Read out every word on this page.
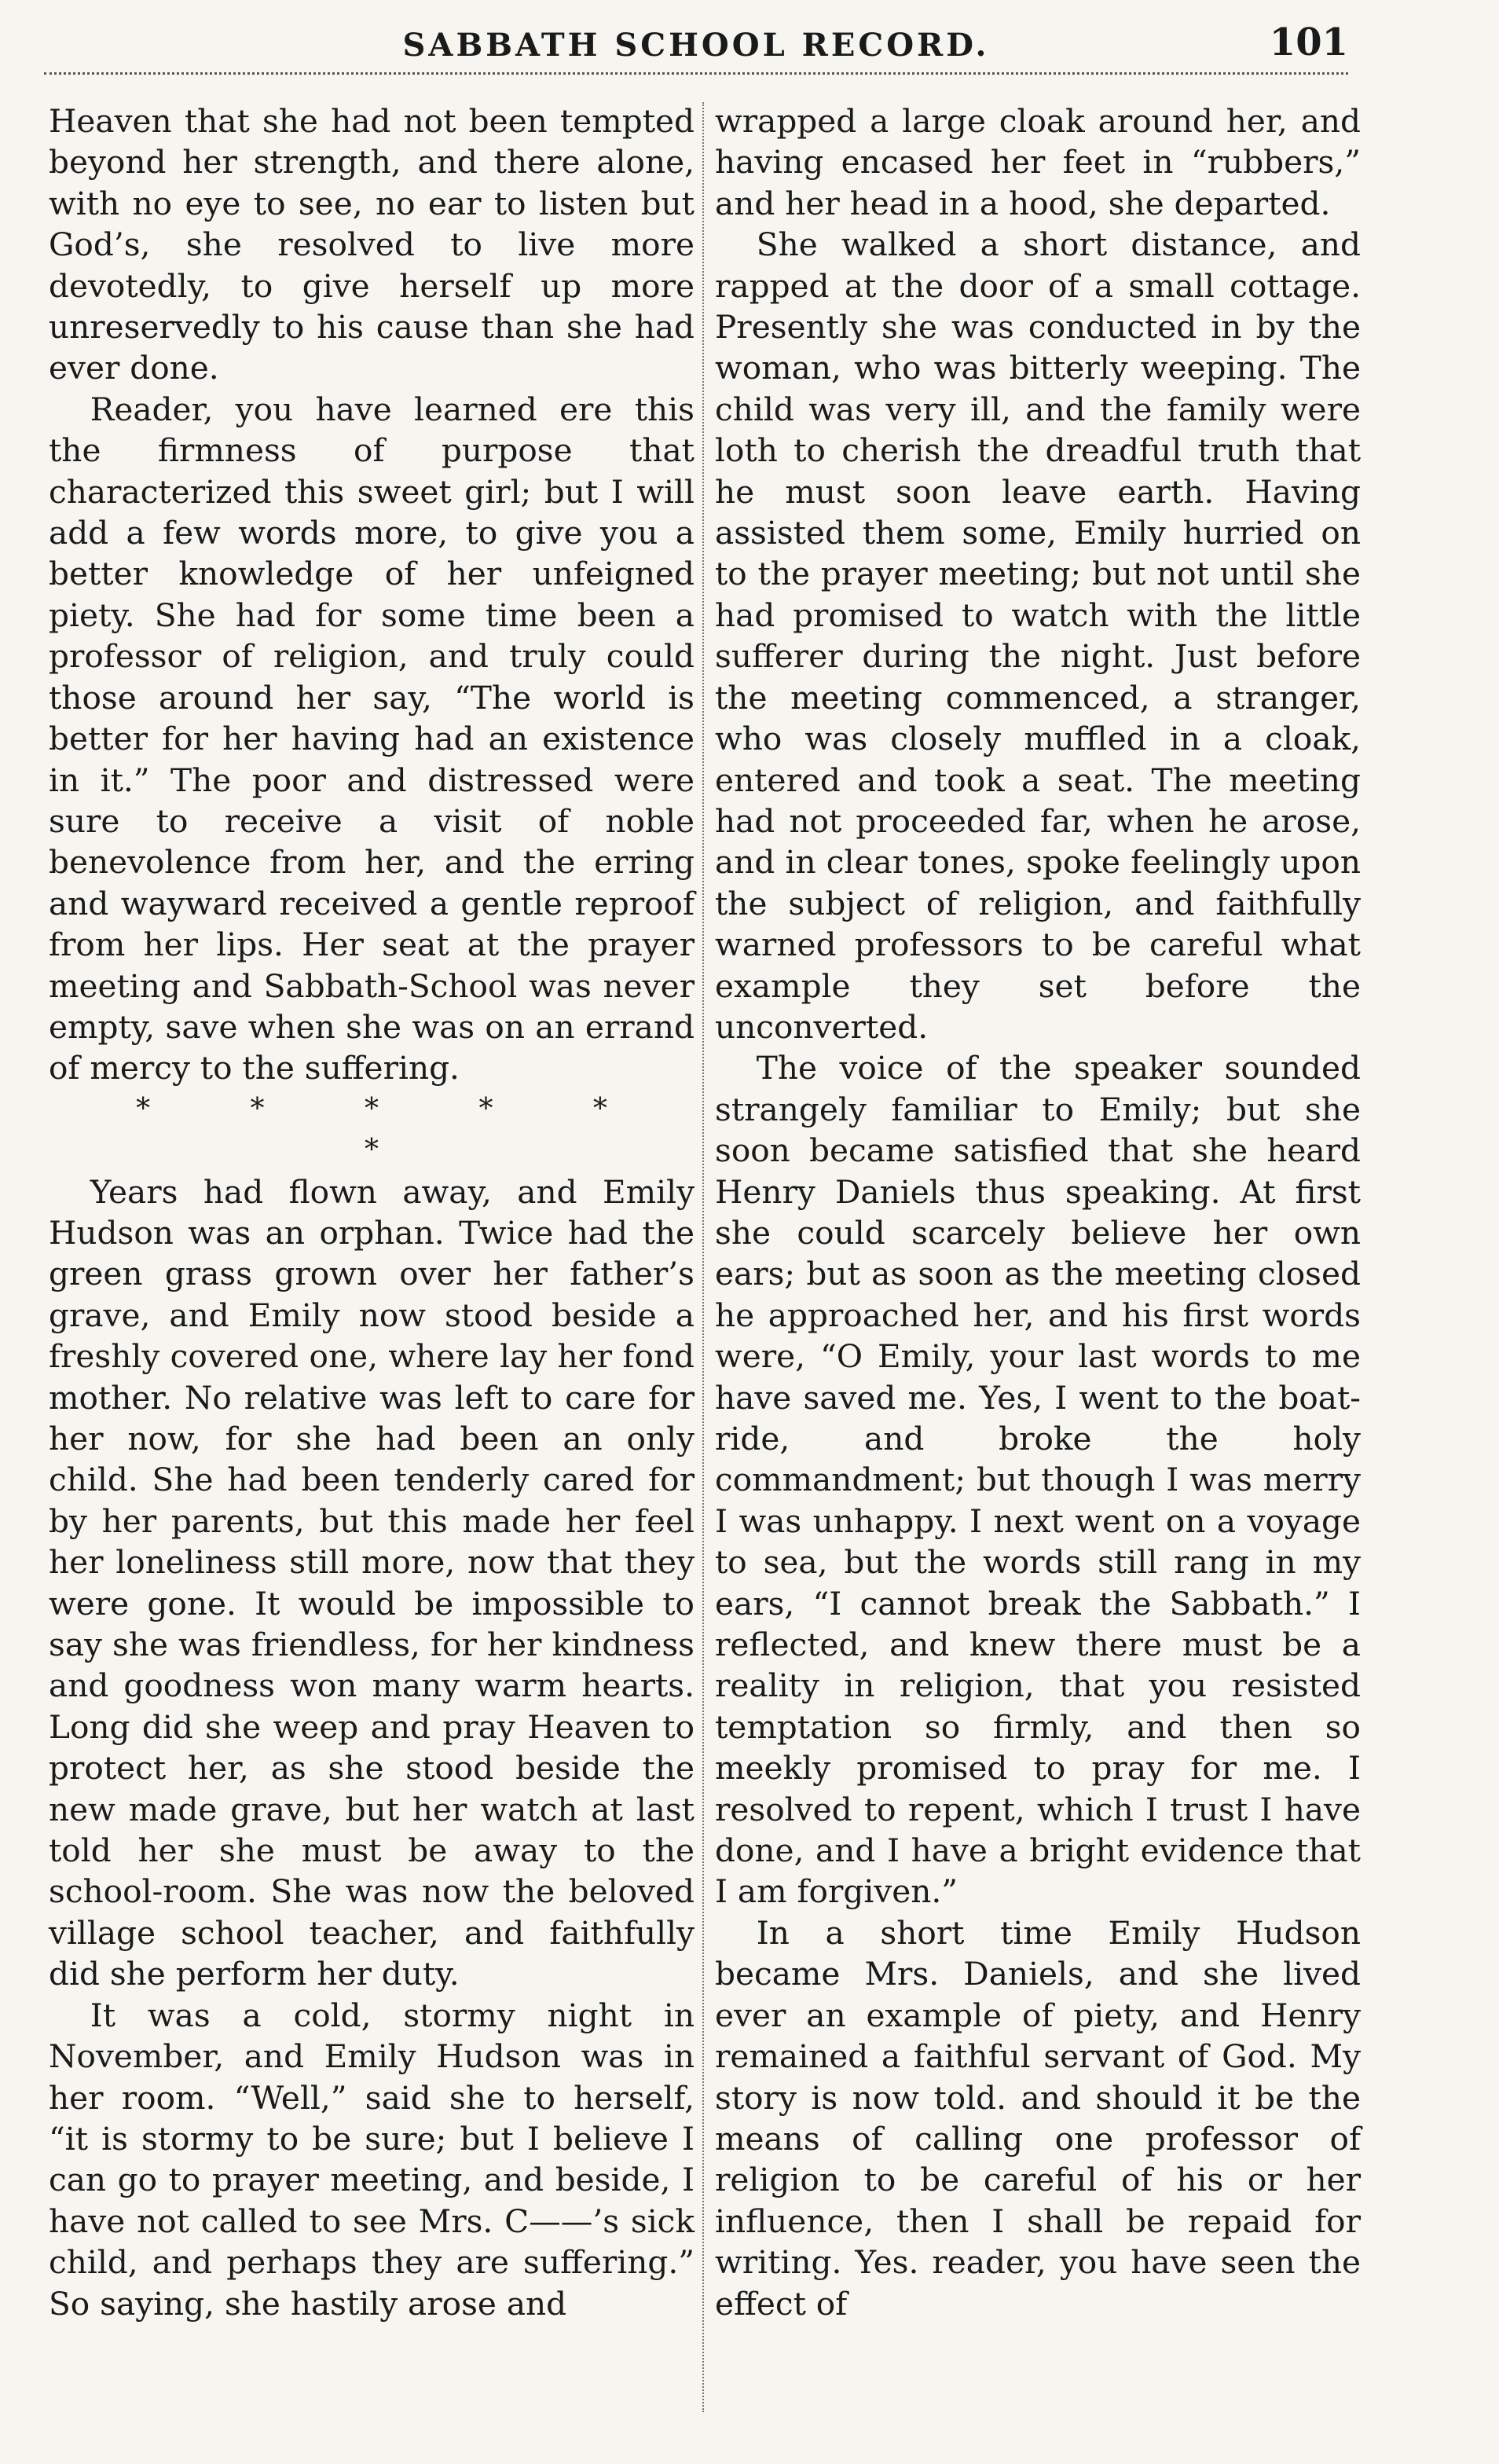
SABBATH SCHOOL RECORD.	101

Heaven that she had not been tempted beyond her strength, and there alone, with no eye to see, no ear to listen but God’s, she resolved to live more devotedly, to give herself up more unreservedly to his cause than she had ever done.

Reader, you have learned ere this the firmness of purpose that characterized this sweet girl; but I will add a few words more, to give you a better knowledge of her unfeigned piety. She had for some time been a professor of religion, and truly could those around her say, “The world is better for her having had an existence in it.” The poor and distressed were sure to receive a visit of noble benevolence from her, and the erring and wayward received a gentle reproof from her lips. Her seat at the prayer meeting and Sabbath-School was never empty, save when she was on an errand of mercy to the suffering.

* * * * * *

Years had flown away, and Emily Hudson was an orphan. Twice had the green grass grown over her father’s grave, and Emily now stood beside a freshly covered one, where lay her fond mother. No relative was left to care for her now, for she had been an only child. She had been tenderly cared for by her parents, but this made her feel her loneliness still more, now that they were gone. It would be impossible to say she was friendless, for her kindness and goodness won many warm hearts. Long did she weep and pray Heaven to protect her, as she stood beside the new made grave, but her watch at last told her she must be away to the school-room. She was now the beloved village school teacher, and faithfully did she perform her duty.

It was a cold, stormy night in November, and Emily Hudson was in her room. “Well,” said she to herself, “it is stormy to be sure; but I believe I can go to prayer meeting, and beside, I have not called to see Mrs. C——’s sick child, and perhaps they are suffering.” So saying, she hastily arose and

wrapped a large cloak around her, and having encased her feet in “rubbers,” and her head in a hood, she departed.

She walked a short distance, and rapped at the door of a small cottage. Presently she was conducted in by the woman, who was bitterly weeping. The child was very ill, and the family were loth to cherish the dreadful truth that he must soon leave earth. Having assisted them some, Emily hurried on to the prayer meeting; but not until she had promised to watch with the little sufferer during the night. Just before the meeting commenced, a stranger, who was closely muffled in a cloak, entered and took a seat. The meeting had not proceeded far, when he arose, and in clear tones, spoke feelingly upon the subject of religion, and faithfully warned professors to be careful what example they set before the unconverted.

The voice of the speaker sounded strangely familiar to Emily; but she soon became satisfied that she heard Henry Daniels thus speaking. At first she could scarcely believe her own ears; but as soon as the meeting closed he approached her, and his first words were, “O Emily, your last words to me have saved me. Yes, I went to the boat-ride, and broke the holy commandment; but though I was merry I was unhappy. I next went on a voyage to sea, but the words still rang in my ears, “I cannot break the Sabbath.” I reflected, and knew there must be a reality in religion, that you resisted temptation so firmly, and then so meekly promised to pray for me. I resolved to repent, which I trust I have done, and I have a bright evidence that I am forgiven.”

In a short time Emily Hudson became Mrs. Daniels, and she lived ever an example of piety, and Henry remained a faithful servant of God. My story is now told. and should it be the means of calling one professor of religion to be careful of his or her influence, then I shall be repaid for writing. Yes. reader, you have seen the effect of
